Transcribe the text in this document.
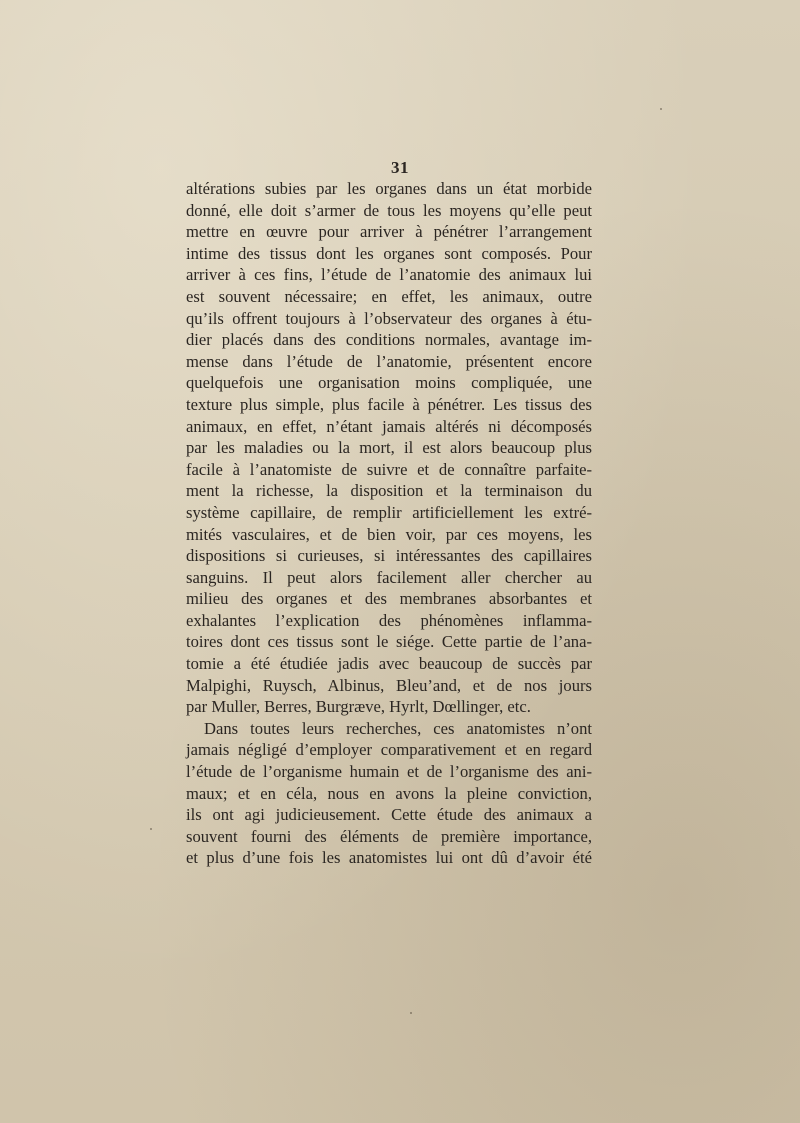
31
altérations subies par les organes dans un état morbide
donné, elle doit s’armer de tous les moyens qu’elle peut
mettre en œuvre pour arriver à pénétrer l’arrangement
intime des tissus dont les organes sont composés. Pour
arriver à ces fins, l’étude de l’anatomie des animaux lui
est souvent nécessaire; en effet, les animaux, outre
qu’ils offrent toujours à l’observateur des organes à étu-
dier placés dans des conditions normales, avantage im-
mense dans l’étude de l’anatomie, présentent encore
quelquefois une organisation moins compliquée, une
texture plus simple, plus facile à pénétrer. Les tissus des
animaux, en effet, n’étant jamais altérés ni décomposés
par les maladies ou la mort, il est alors beaucoup plus
facile à l’anatomiste de suivre et de connaître parfaite-
ment la richesse, la disposition et la terminaison du
système capillaire, de remplir artificiellement les extré-
mités vasculaires, et de bien voir, par ces moyens, les
dispositions si curieuses, si intéressantes des capillaires
sanguins. Il peut alors facilement aller chercher au
milieu des organes et des membranes absorbantes et
exhalantes l’explication des phénomènes inflamma-
toires dont ces tissus sont le siége. Cette partie de l’ana-
tomie a été étudiée jadis avec beaucoup de succès par
Malpighi, Ruysch, Albinus, Bleu’and, et de nos jours
par Muller, Berres, Burgræve, Hyrlt, Dœllinger, etc.
Dans toutes leurs recherches, ces anatomistes n’ont
jamais négligé d’employer comparativement et en regard
l’étude de l’organisme humain et de l’organisme des ani-
maux; et en céla, nous en avons la pleine conviction,
ils ont agi judicieusement. Cette étude des animaux a
souvent fourni des éléments de première importance,
et plus d’une fois les anatomistes lui ont dû d’avoir été
